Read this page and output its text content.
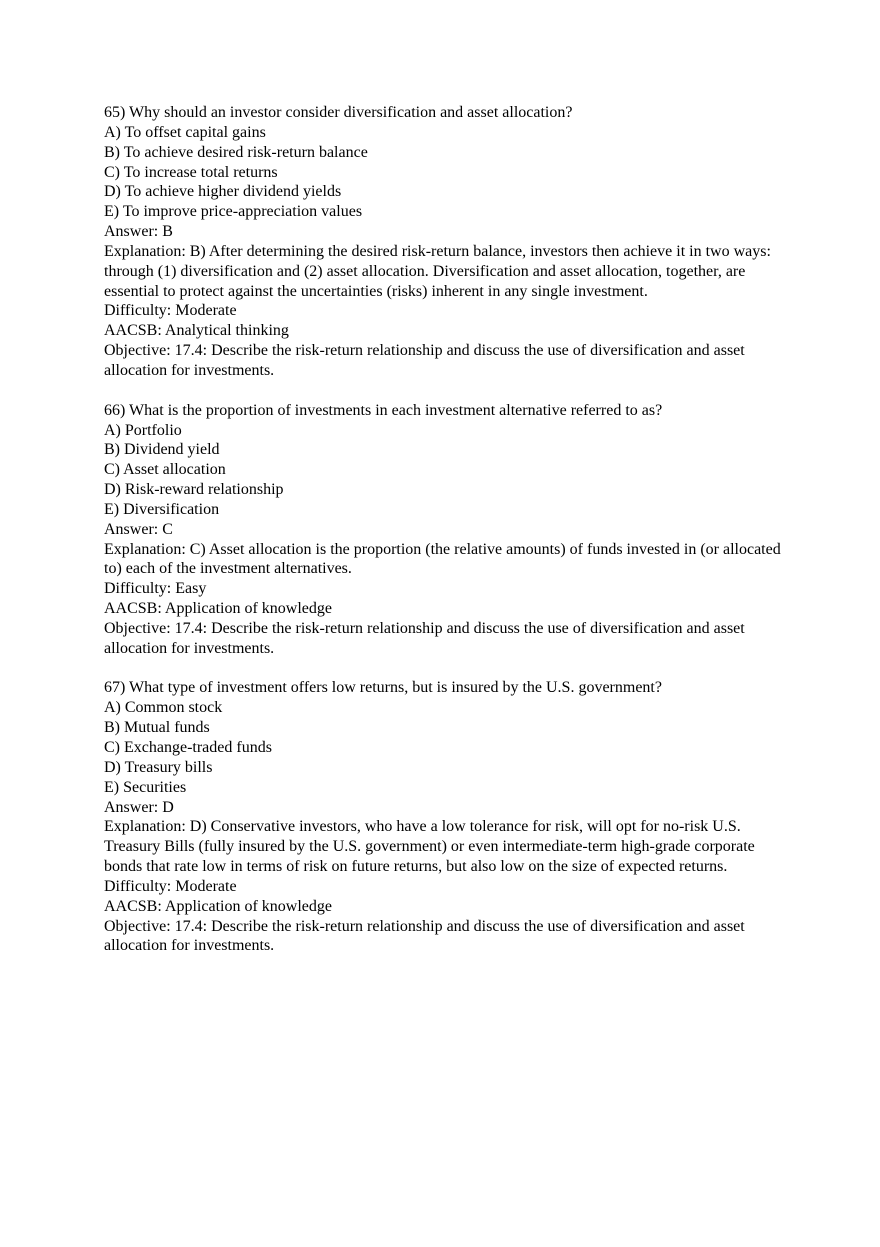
65) Why should an investor consider diversification and asset allocation?
A) To offset capital gains
B) To achieve desired risk-return balance
C) To increase total returns
D) To achieve higher dividend yields
E) To improve price-appreciation values
Answer: B
Explanation: B) After determining the desired risk-return balance, investors then achieve it in two ways: through (1) diversification and (2) asset allocation. Diversification and asset allocation, together, are essential to protect against the uncertainties (risks) inherent in any single investment.
Difficulty: Moderate
AACSB: Analytical thinking
Objective: 17.4: Describe the risk-return relationship and discuss the use of diversification and asset allocation for investments.
66) What is the proportion of investments in each investment alternative referred to as?
A) Portfolio
B) Dividend yield
C) Asset allocation
D) Risk-reward relationship
E) Diversification
Answer: C
Explanation: C) Asset allocation is the proportion (the relative amounts) of funds invested in (or allocated to) each of the investment alternatives.
Difficulty: Easy
AACSB: Application of knowledge
Objective: 17.4: Describe the risk-return relationship and discuss the use of diversification and asset allocation for investments.
67) What type of investment offers low returns, but is insured by the U.S. government?
A) Common stock
B) Mutual funds
C) Exchange-traded funds
D) Treasury bills
E) Securities
Answer: D
Explanation: D) Conservative investors, who have a low tolerance for risk, will opt for no-risk U.S. Treasury Bills (fully insured by the U.S. government) or even intermediate-term high-grade corporate bonds that rate low in terms of risk on future returns, but also low on the size of expected returns.
Difficulty: Moderate
AACSB: Application of knowledge
Objective: 17.4: Describe the risk-return relationship and discuss the use of diversification and asset allocation for investments.
